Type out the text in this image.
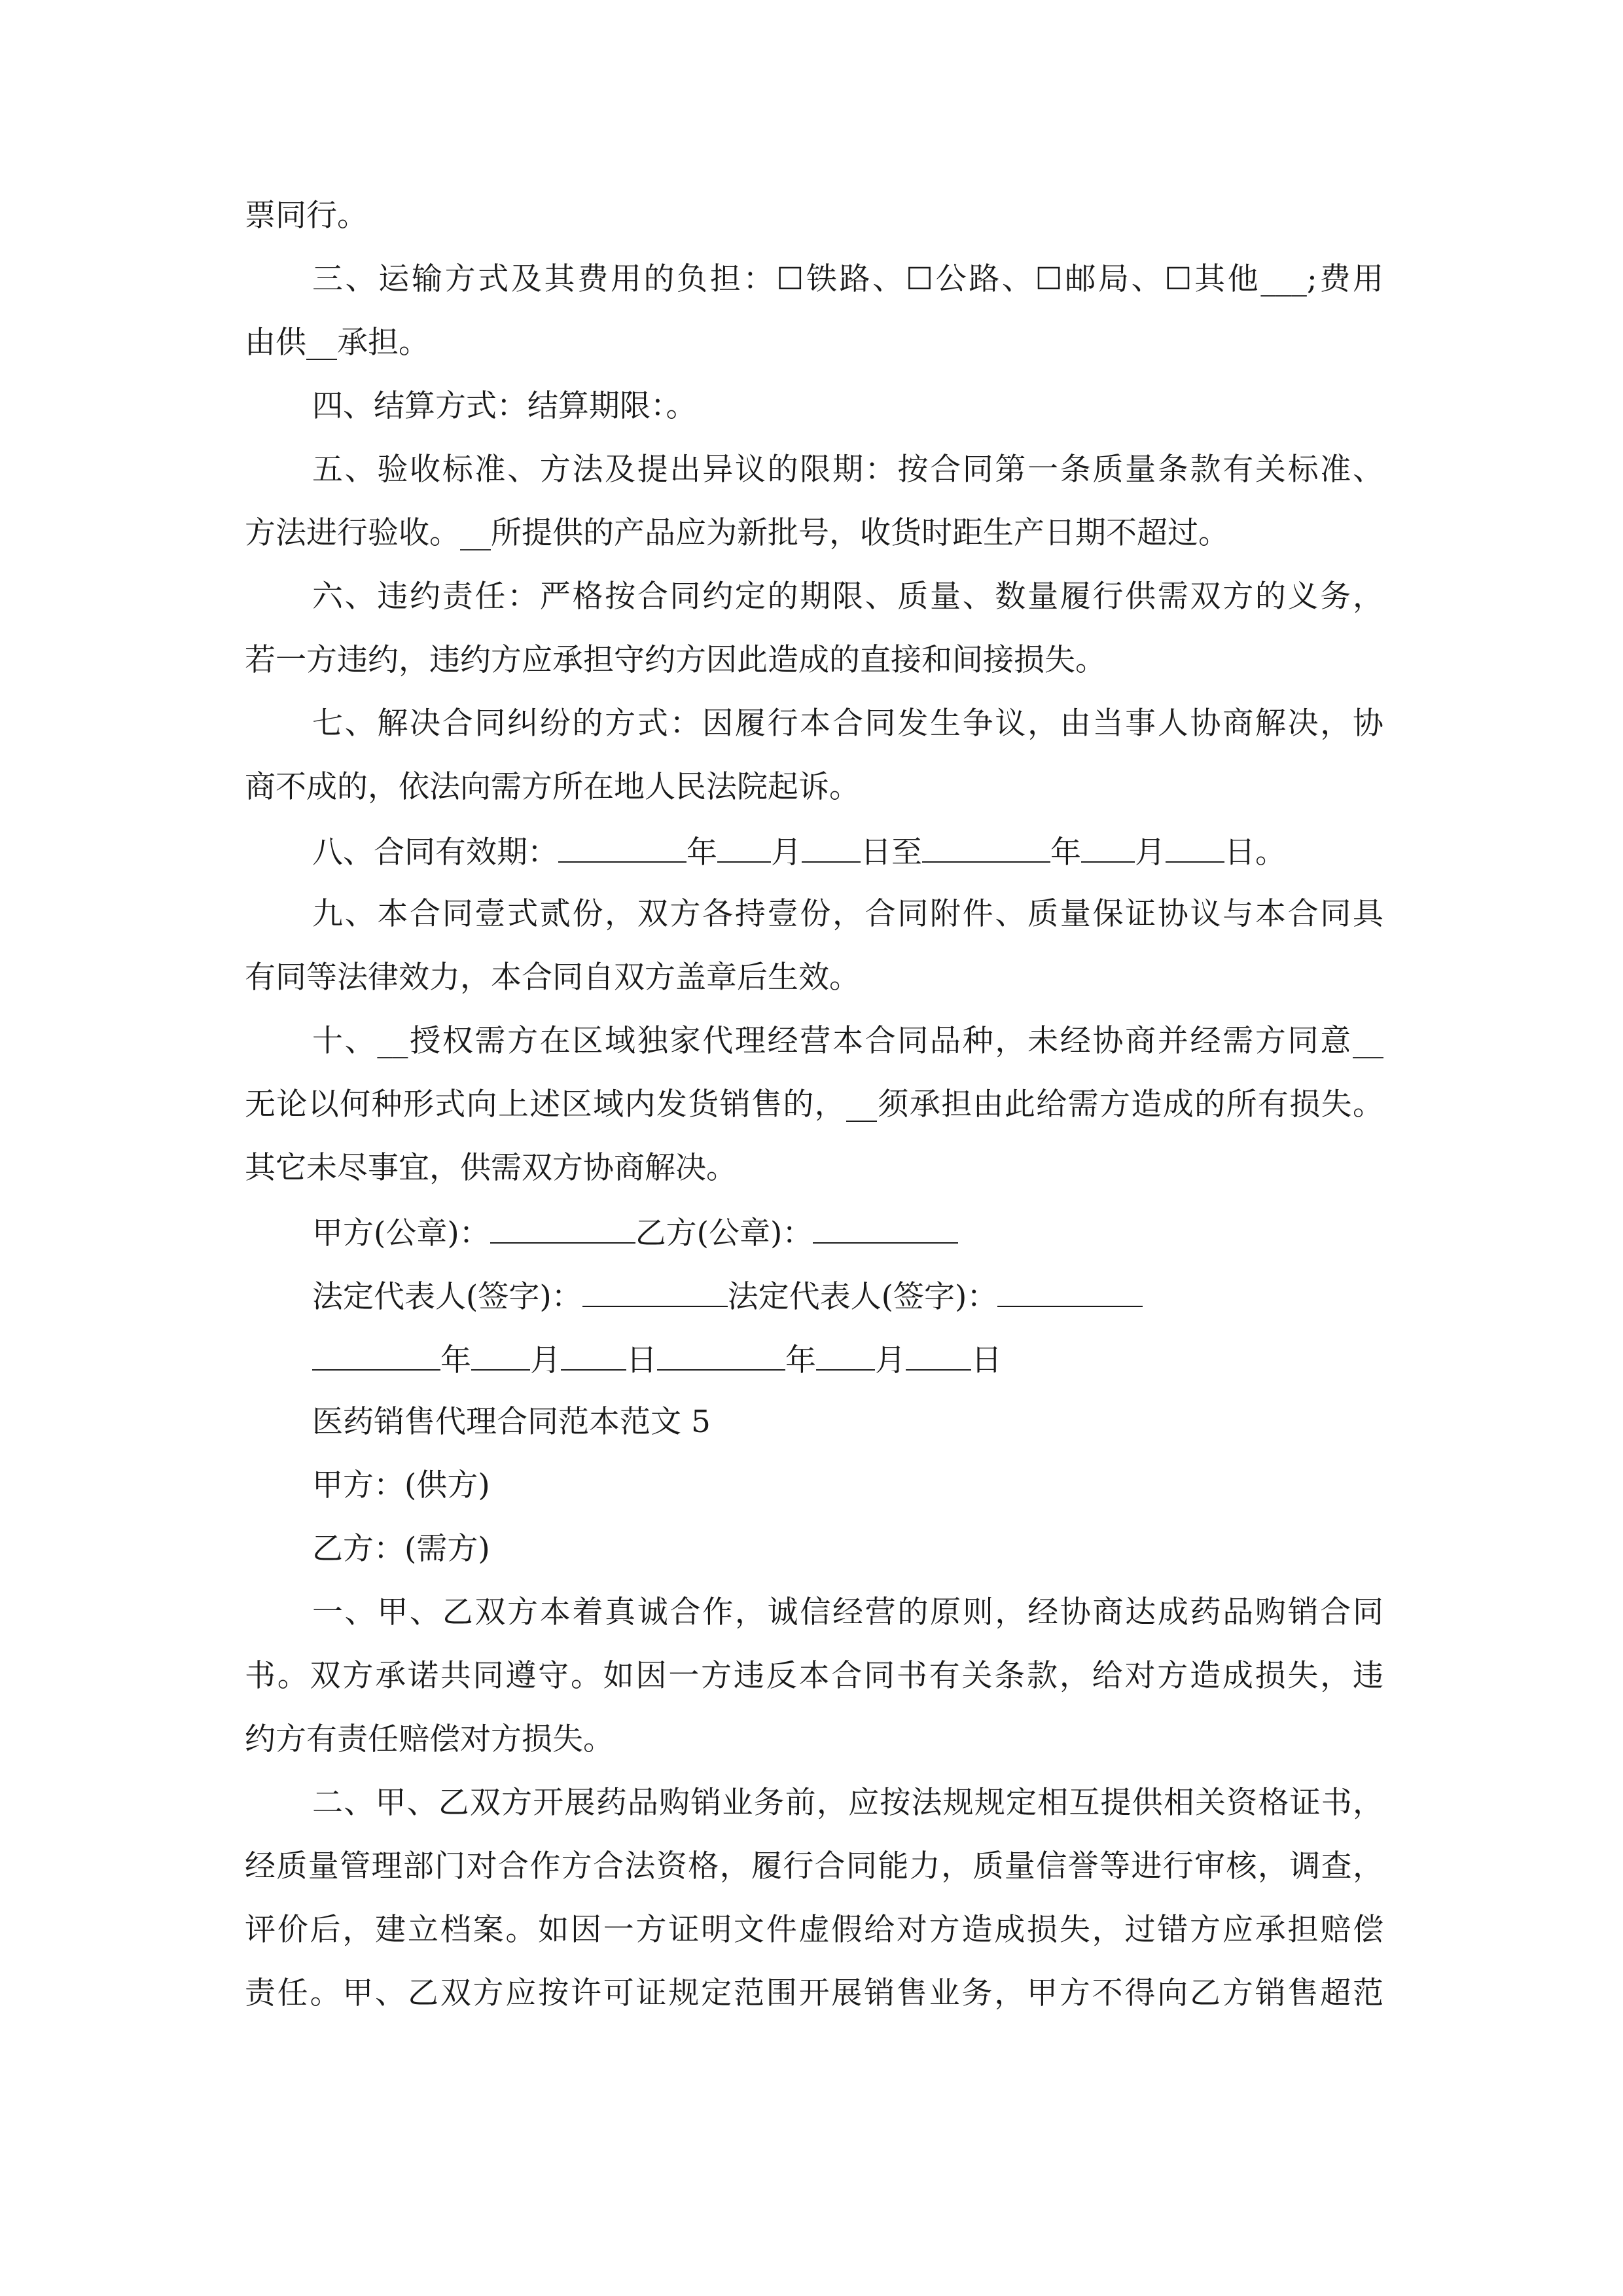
票同行。
三、运输方式及其费用的负担：☐铁路、☐公路、☐邮局、☐其他___;费用
由供__承担。
四、结算方式：结算期限：。
五、验收标准、方法及提出异议的限期：按合同第一条质量条款有关标准、
方法进行验收。__所提供的产品应为新批号，收货时距生产日期不超过。
六、违约责任：严格按合同约定的期限、质量、数量履行供需双方的义务，
若一方违约，违约方应承担守约方因此造成的直接和间接损失。
七、解决合同纠纷的方式：因履行本合同发生争议，由当事人协商解决，协
商不成的，依法向需方所在地人民法院起诉。
八、合同有效期：	年 月 日至	年 月 日。
九、本合同壹式贰份，双方各持壹份，合同附件、质量保证协议与本合同具
有同等法律效力，本合同自双方盖章后生效。
十、__授权需方在区域独家代理经营本合同品种，未经协商并经需方同意__
无论以何种形式向上述区域内发货销售的，__须承担由此给需方造成的所有损失。
其它未尽事宜，供需双方协商解决。
甲方(公章)：	乙方(公章)：
法定代表人(签字)：	法定代表人(签字)：
年 月 日	年 月 日
医药销售代理合同范本范文 5
甲方：(供方)
乙方：(需方)
一、甲、乙双方本着真诚合作，诚信经营的原则，经协商达成药品购销合同
书。双方承诺共同遵守。如因一方违反本合同书有关条款，给对方造成损失，违
约方有责任赔偿对方损失。
二、甲、乙双方开展药品购销业务前，应按法规规定相互提供相关资格证书，
经质量管理部门对合作方合法资格，履行合同能力，质量信誉等进行审核，调查，
评价后，建立档案。如因一方证明文件虚假给对方造成损失，过错方应承担赔偿
责任。甲、乙双方应按许可证规定范围开展销售业务，甲方不得向乙方销售超范
